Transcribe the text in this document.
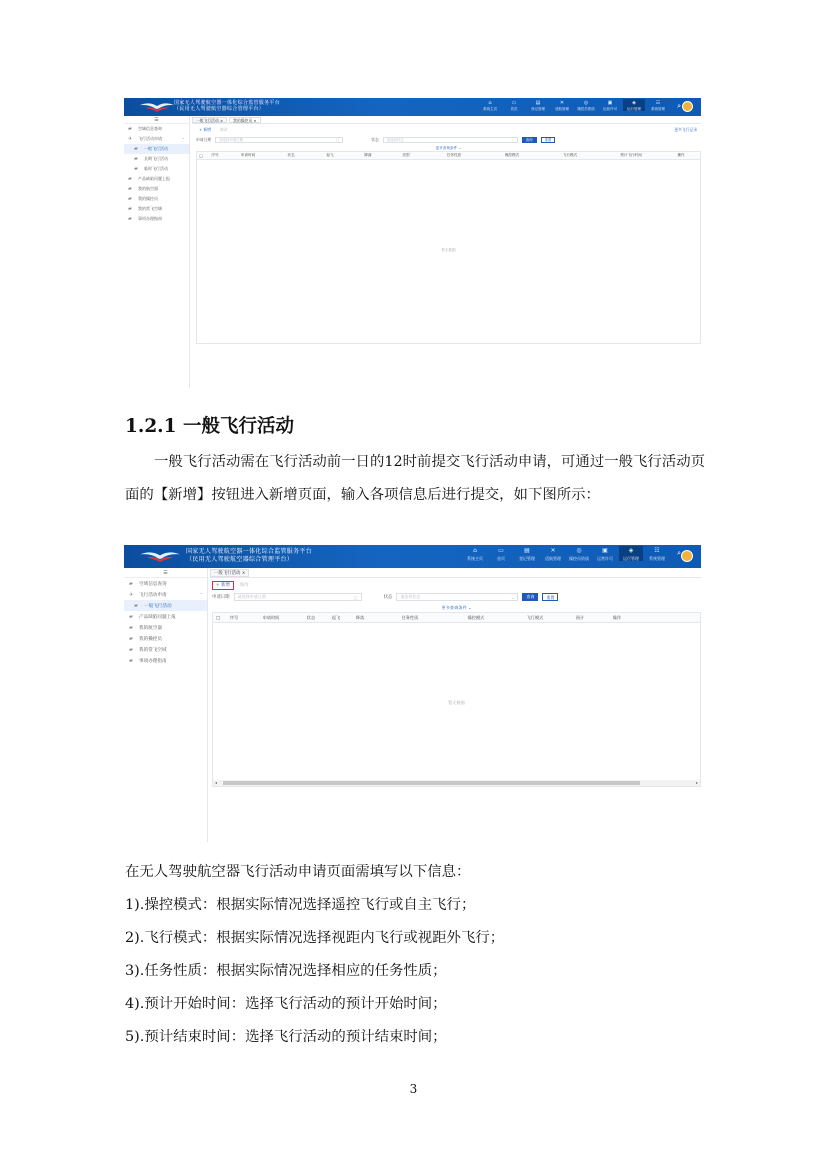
国家无人驾驶航空器一体化综合监管服务平台
（民用无人驾驶航空器综合管理平台）
⌂
系统主页
▭
首页
▤
登记管理
✕
适航管理
◎
操控员资质
▣
运营许可
◈
运行管理
☷
系统管理	⌕
☰
▰	空域信息查询
✈	飞行活动申请	⌃
▰	一般飞行活动
▰	长期飞行活动
▰	临时飞行活动
▰	产品缺陷问题上报
▰	我的航空器
▰	我的操控员
▰	我的常飞空域
▰	事项办理指南
一般飞行活动 ×	我的操控员 ×
+ 新增	修改	更多飞行记录
申请日期 请选择申请日期	▢	状态 请选择状态	⌄	查询	重置
更多查询条件 ⌄
□	序号	申请时间	状态	起飞	降落	类型	任务性质	操控模式	飞行模式	预计飞行时间	操作
暂无数据
1.2.1 一般飞行活动
一般飞行活动需在飞行活动前一日的12时前提交飞行活动申请，可通过一般飞行活动页面的【新增】按钮进入新增页面，输入各项信息后进行提交，如下图所示：
国家无人驾驶航空器一体化综合监管服务平台
（民用无人驾驶航空器综合管理平台）
⌂
系统主页
▭
首页
▤
登记管理
✕
适航管理
◎
操控员资质
▣
运营许可
◈
运行管理
☷
系统管理
⌕
☰
▰	空域信息查询
✈	飞行活动申请	⌃
▰	一般飞行活动
▰	产品缺陷问题上报
▰	我的航空器
▰	我的操控员
▰	我的常飞空域
▰	事项办理指南
一般飞行活动 ×
+ 新增	修改
申请日期 请选择申请日期	▢	状态 请选择状态	⌄	查询	重置
更多查询条件 ⌄
□	序号	申请时间	状态	起飞	降落	任务性质	操控模式	飞行模式	预计	操作
暂无数据
◂	▸
在无人驾驶航空器飞行活动申请页面需填写以下信息：
1).操控模式：根据实际情况选择遥控飞行或自主飞行；
2).飞行模式：根据实际情况选择视距内飞行或视距外飞行；
3).任务性质：根据实际情况选择相应的任务性质；
4).预计开始时间：选择飞行活动的预计开始时间；
5).预计结束时间：选择飞行活动的预计结束时间；
3
